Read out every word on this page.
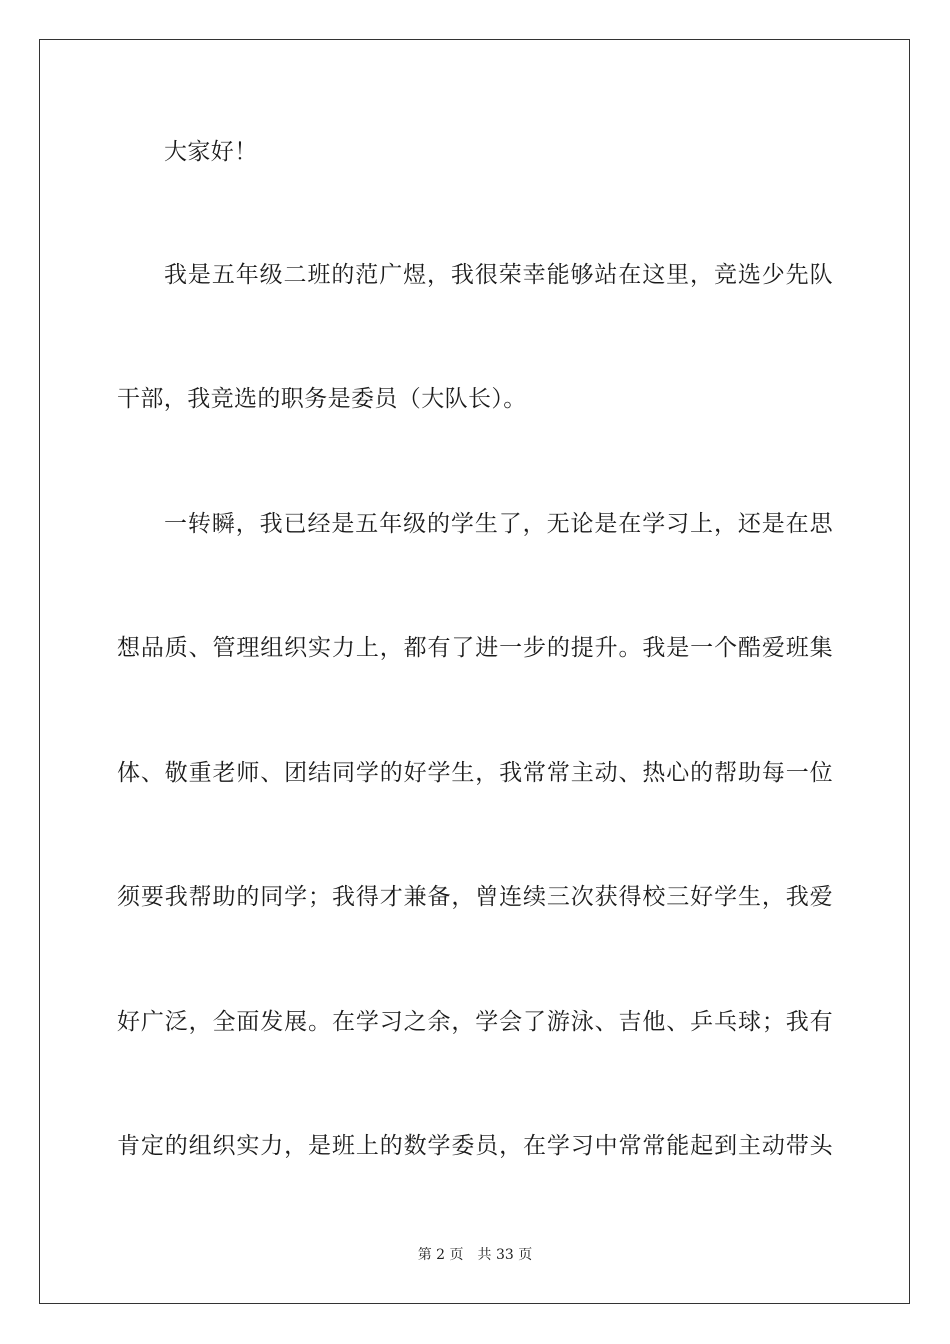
大家好！
我是五年级二班的范广煜，我很荣幸能够站在这里，竞选少先队
干部，我竞选的职务是委员（大队长）。
一转瞬，我已经是五年级的学生了，无论是在学习上，还是在思
想品质、管理组织实力上，都有了进一步的提升。我是一个酷爱班集
体、敬重老师、团结同学的好学生，我常常主动、热心的帮助每一位
须要我帮助的同学；我得才兼备，曾连续三次获得校三好学生，我爱
好广泛，全面发展。在学习之余，学会了游泳、吉他、乒乓球；我有
肯定的组织实力，是班上的数学委员，在学习中常常能起到主动带头
第 2 页 共 33 页
